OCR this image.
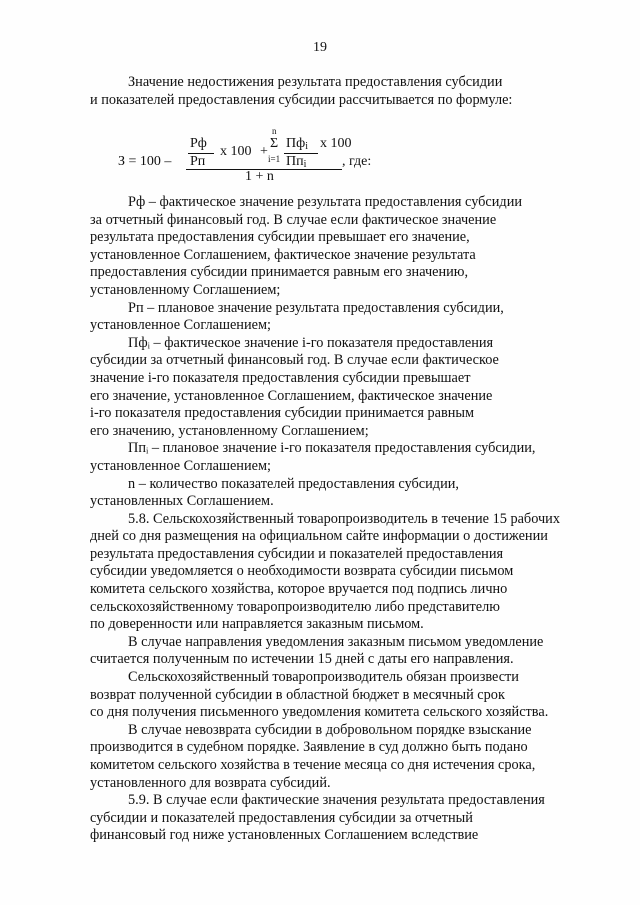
19

Значение недостижения результата предоставления субсидии

и показателей предоставления субсидии рассчитывается по формуле:

З = 100 –
Рф
Рп
х 100 +
n
Σ
i=1
$Пф_i$
$Пп_i$
х 100
1 + n
, где:

Рф – фактическое значение результата предоставления субсидии

за отчетный финансовый год. В случае если фактическое значение

результата предоставления субсидии превышает его значение,

установленное Соглашением, фактическое значение результата

предоставления субсидии принимается равным его значению,

установленному Соглашением;

Рп – плановое значение результата предоставления субсидии,

установленное Соглашением;

Пфᵢ – фактическое значение i-го показателя предоставления

субсидии за отчетный финансовый год. В случае если фактическое

значение i-го показателя предоставления субсидии превышает

его значение, установленное Соглашением, фактическое значение

i-го показателя предоставления субсидии принимается равным

его значению, установленному Соглашением;

Ппᵢ – плановое значение i-го показателя предоставления субсидии,

установленное Соглашением;

n – количество показателей предоставления субсидии,

установленных Соглашением.

5.8. Сельскохозяйственный товаропроизводитель в течение 15 рабочих

дней со дня размещения на официальном сайте информации о достижении

результата предоставления субсидии и показателей предоставления

субсидии уведомляется о необходимости возврата субсидии письмом

комитета сельского хозяйства, которое вручается под подпись лично

сельскохозяйственному товаропроизводителю либо представителю

по доверенности или направляется заказным письмом.

В случае направления уведомления заказным письмом уведомление

считается полученным по истечении 15 дней с даты его направления.

Сельскохозяйственный товаропроизводитель обязан произвести

возврат полученной субсидии в областной бюджет в месячный срок

со дня получения письменного уведомления комитета сельского хозяйства.

В случае невозврата субсидии в добровольном порядке взыскание

производится в судебном порядке. Заявление в суд должно быть подано

комитетом сельского хозяйства в течение месяца со дня истечения срока,

установленного для возврата субсидий.

5.9. В случае если фактические значения результата предоставления

субсидии и показателей предоставления субсидии за отчетный

финансовый год ниже установленных Соглашением вследствие
